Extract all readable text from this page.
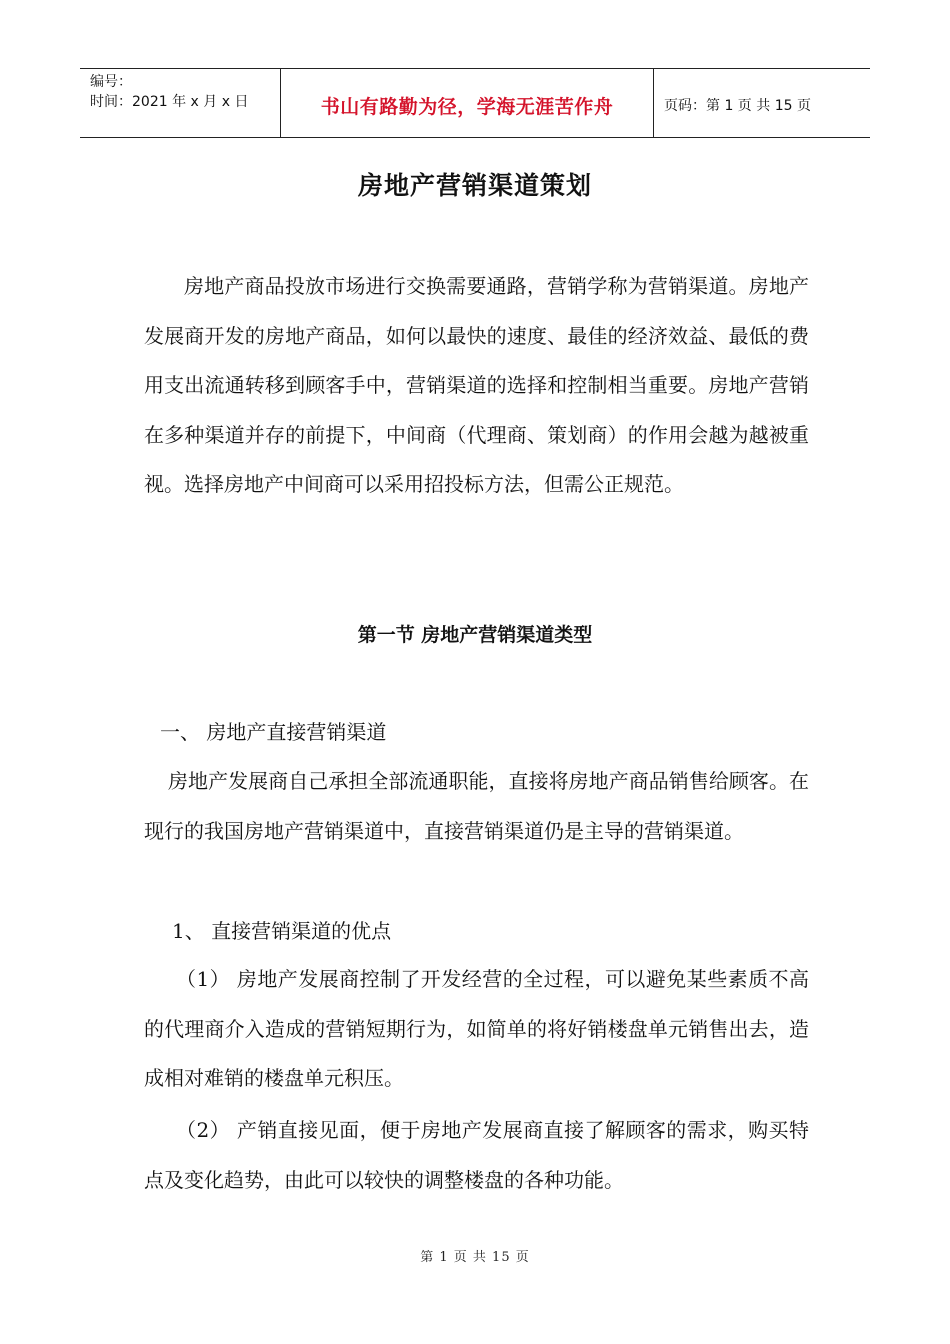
编号：
时间：2021 年 x 月 x 日	书山有路勤为径，学海无涯苦作舟	页码：第 1 页 共 15 页
房地产营销渠道策划
房地产商品投放市场进行交换需要通路，营销学称为营销渠道。房地产发展商开发的房地产商品，如何以最快的速度、最佳的经济效益、最低的费用支出流通转移到顾客手中，营销渠道的选择和控制相当重要。房地产营销在多种渠道并存的前提下，中间商（代理商、策划商）的作用会越为越被重视。选择房地产中间商可以采用招投标方法，但需公正规范。
第一节 房地产营销渠道类型
一、 房地产直接营销渠道
房地产发展商自己承担全部流通职能，直接将房地产商品销售给顾客。在现行的我国房地产营销渠道中，直接营销渠道仍是主导的营销渠道。
1、 直接营销渠道的优点
（1） 房地产发展商控制了开发经营的全过程，可以避免某些素质不高的代理商介入造成的营销短期行为，如简单的将好销楼盘单元销售出去，造成相对难销的楼盘单元积压。
（2） 产销直接见面，便于房地产发展商直接了解顾客的需求，购买特点及变化趋势，由此可以较快的调整楼盘的各种功能。
第 1 页 共 15 页
